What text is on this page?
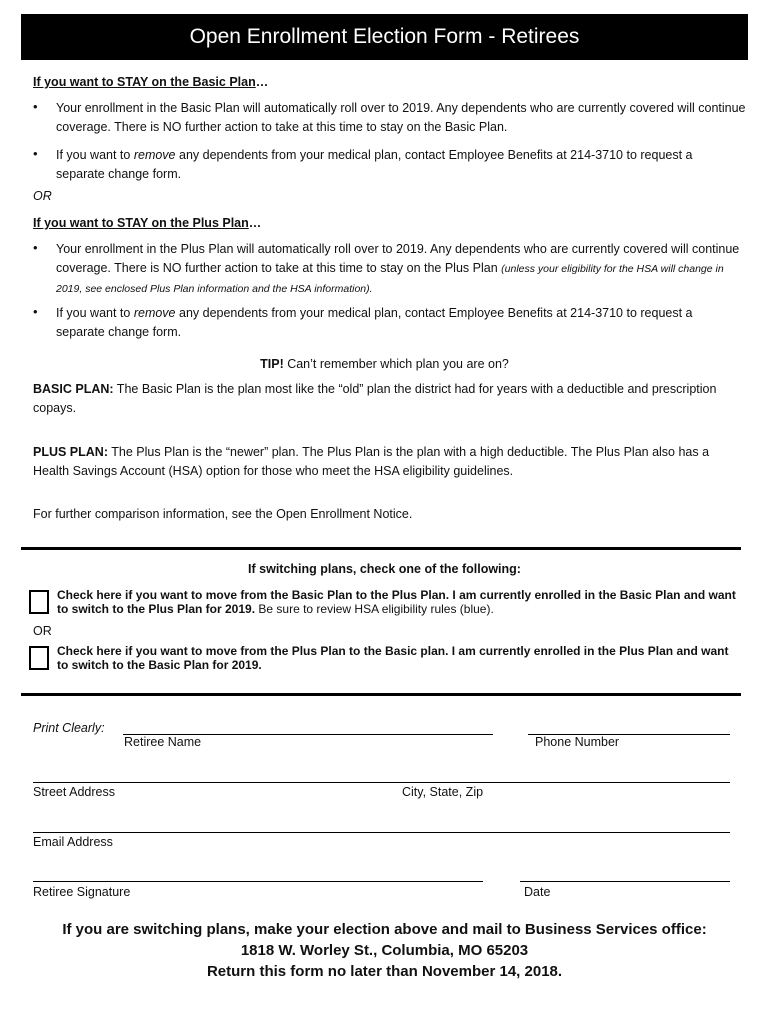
Open Enrollment Election Form - Retirees
If you want to STAY on the Basic Plan…
• Your enrollment in the Basic Plan will automatically roll over to 2019. Any dependents who are currently covered will continue coverage. There is NO further action to take at this time to stay on the Basic Plan.
• If you want to remove any dependents from your medical plan, contact Employee Benefits at 214-3710 to request a separate change form.
OR
If you want to STAY on the Plus Plan…
• Your enrollment in the Plus Plan will automatically roll over to 2019. Any dependents who are currently covered will continue coverage. There is NO further action to take at this time to stay on the Plus Plan (unless your eligibility for the HSA will change in 2019, see enclosed Plus Plan information and the HSA information).
• If you want to remove any dependents from your medical plan, contact Employee Benefits at 214-3710 to request a separate change form.
TIP! Can’t remember which plan you are on?
BASIC PLAN: The Basic Plan is the plan most like the “old” plan the district had for years with a deductible and prescription copays.
PLUS PLAN: The Plus Plan is the “newer” plan. The Plus Plan is the plan with a high deductible. The Plus Plan also has a Health Savings Account (HSA) option for those who meet the HSA eligibility guidelines.
For further comparison information, see the Open Enrollment Notice.
If switching plans, check one of the following:
Check here if you want to move from the Basic Plan to the Plus Plan. I am currently enrolled in the Basic Plan and want to switch to the Plus Plan for 2019. Be sure to review HSA eligibility rules (blue).
OR
Check here if you want to move from the Plus Plan to the Basic plan. I am currently enrolled in the Plus Plan and want to switch to the Basic Plan for 2019.
Print Clearly:
Retiree Name	Phone Number
Street Address	City, State, Zip
Email Address
Retiree Signature	Date
If you are switching plans, make your election above and mail to Business Services office:
1818 W. Worley St., Columbia, MO 65203
Return this form no later than November 14, 2018.
